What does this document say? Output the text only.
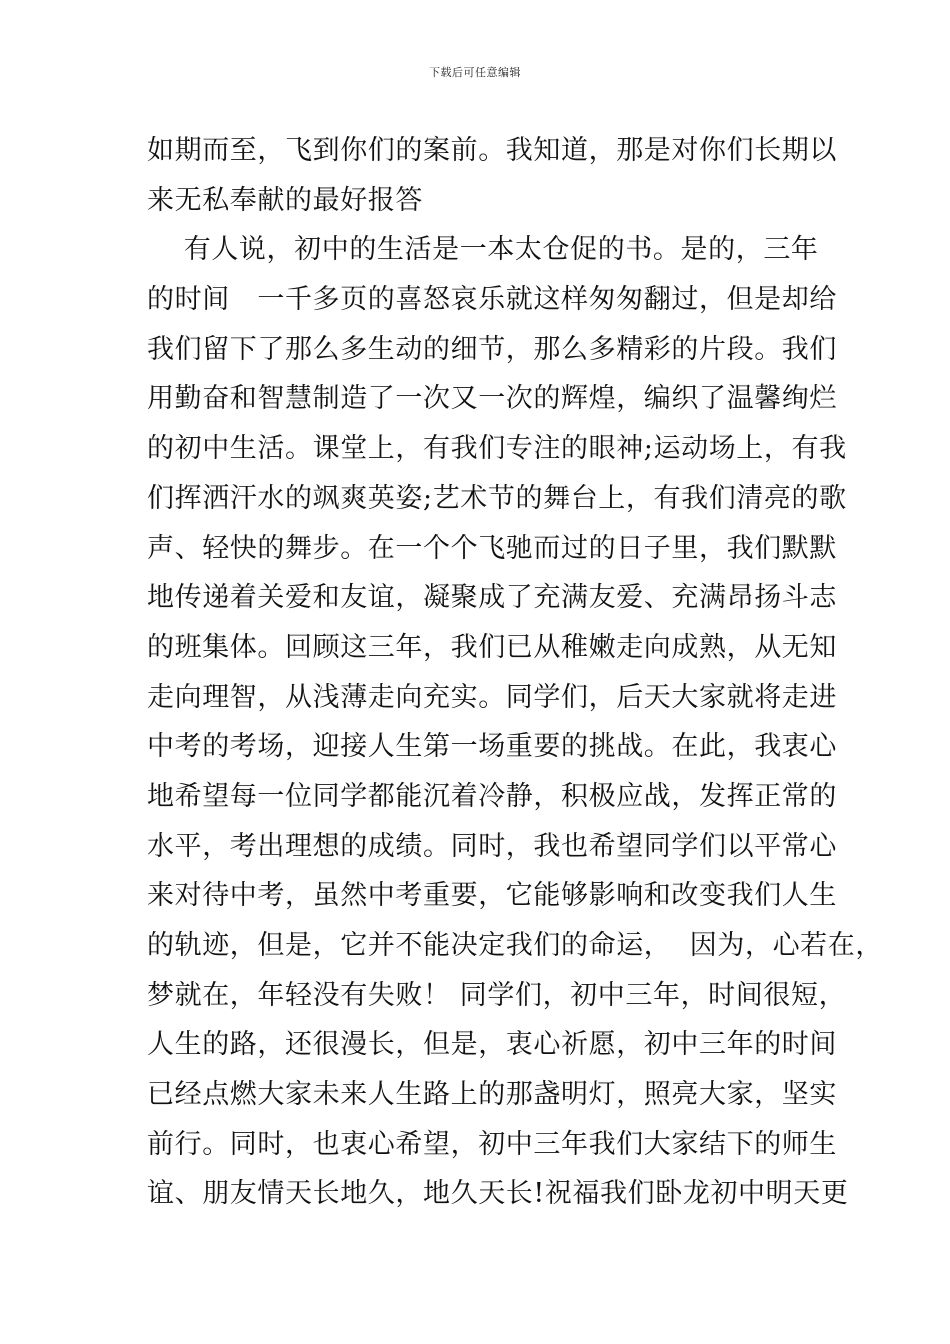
下载后可任意编辑
如期而至，飞到你们的案前。我知道，那是对你们长期以
来无私奉献的最好报答
有人说，初中的生活是一本太仓促的书。是的，三年
的时间   一千多页的喜怒哀乐就这样匆匆翻过，但是却给
我们留下了那么多生动的细节，那么多精彩的片段。我们
用勤奋和智慧制造了一次又一次的辉煌，编织了温馨绚烂
的初中生活。课堂上，有我们专注的眼神;运动场上，有我
们挥洒汗水的飒爽英姿;艺术节的舞台上，有我们清亮的歌
声、轻快的舞步。在一个个飞驰而过的日子里，我们默默
地传递着关爱和友谊，凝聚成了充满友爱、充满昂扬斗志
的班集体。回顾这三年，我们已从稚嫩走向成熟，从无知
走向理智，从浅薄走向充实。同学们，后天大家就将走进
中考的考场，迎接人生第一场重要的挑战。在此，我衷心
地希望每一位同学都能沉着冷静，积极应战，发挥正常的
水平，考出理想的成绩。同时，我也希望同学们以平常心
来对待中考，虽然中考重要，它能够影响和改变我们人生
的轨迹，但是，它并不能决定我们的命运，  因为，心若在，
梦就在，年轻没有失败！ 同学们，初中三年，时间很短，
人生的路，还很漫长，但是，衷心祈愿，初中三年的时间
已经点燃大家未来人生路上的那盏明灯，照亮大家，坚实
前行。同时，也衷心希望，初中三年我们大家结下的师生
谊、朋友情天长地久，地久天长!祝福我们卧龙初中明天更
